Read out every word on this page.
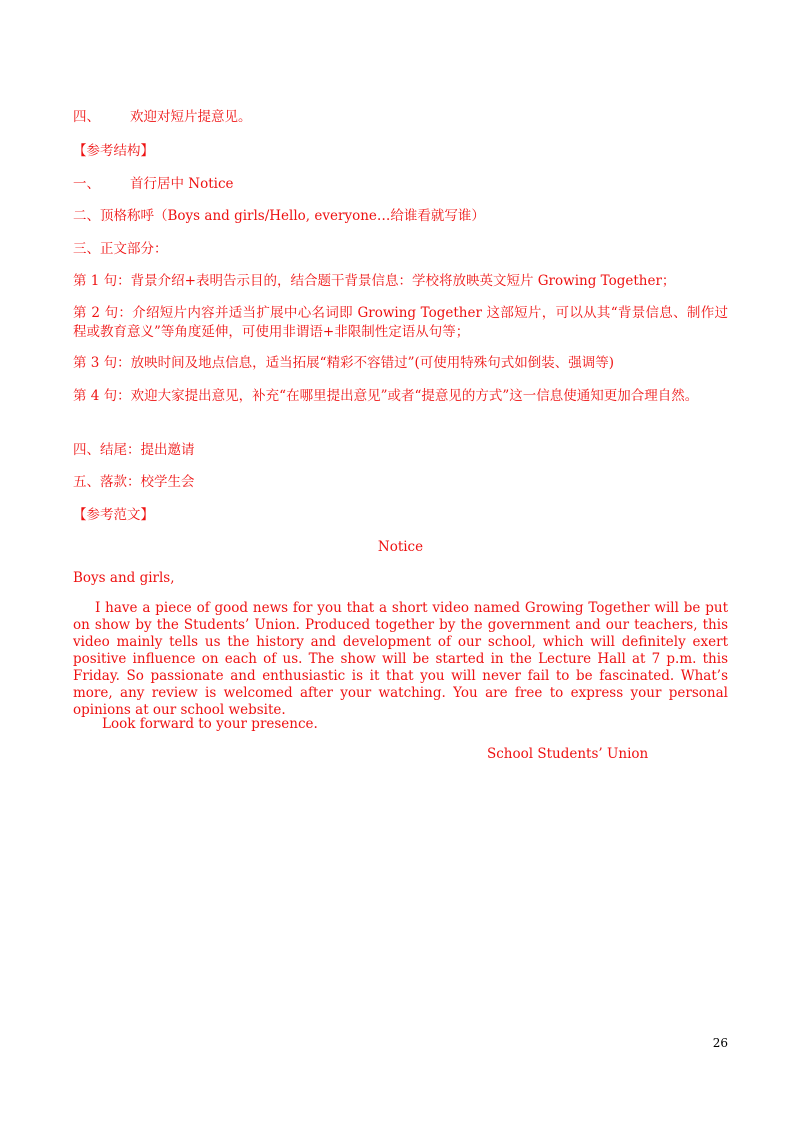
四、 欢迎对短片提意见。
【参考结构】
一、 首行居中 Notice
二、顶格称呼（Boys and girls/Hello, everyone…给谁看就写谁）
三、正文部分：
第 1 句：背景介绍+表明告示目的，结合题干背景信息：学校将放映英文短片 Growing Together；
第 2 句：介绍短片内容并适当扩展中心名词即 Growing Together 这部短片，可以从其“背景信息、制作过程或教育意义”等角度延伸，可使用非谓语+非限制性定语从句等；
第 3 句：放映时间及地点信息，适当拓展“精彩不容错过”(可使用特殊句式如倒装、强调等)
第 4 句：欢迎大家提出意见，补充“在哪里提出意见”或者“提意见的方式”这一信息使通知更加合理自然。
四、结尾：提出邀请
五、落款：校学生会
【参考范文】
Notice
Boys and girls,
I have a piece of good news for you that a short video named Growing Together will be put on show by the Students’ Union. Produced together by the government and our teachers, this video mainly tells us the history and development of our school, which will definitely exert positive influence on each of us. The show will be started in the Lecture Hall at 7 p.m. this Friday. So passionate and enthusiastic is it that you will never fail to be fascinated. What’s more, any review is welcomed after your watching. You are free to express your personal opinions at our school website.
Look forward to your presence.
School Students’ Union
26
